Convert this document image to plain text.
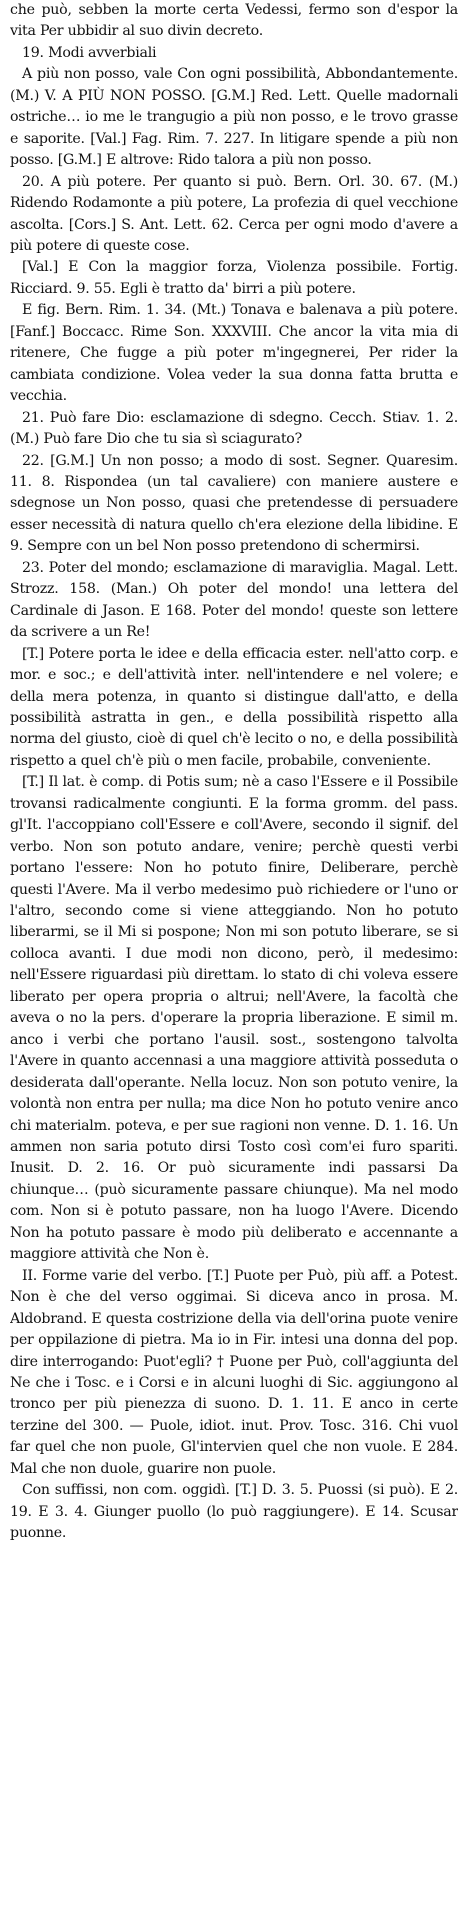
che può, sebben la morte certa Vedessi, fermo son d'espor la vita Per ubbidir al suo divin decreto.

19. Modi avverbiali

A più non posso, vale Con ogni possibilità, Abbondantemente. (M.) V. A PIÙ NON POSSO. [G.M.] Red. Lett. Quelle madornali ostriche… io me le trangugio a più non posso, e le trovo grasse e saporite. [Val.] Fag. Rim. 7. 227. In litigare spende a più non posso. [G.M.] E altrove: Rido talora a più non posso.

20. A più potere. Per quanto si può. Bern. Orl. 30. 67. (M.) Ridendo Rodamonte a più potere, La profezia di quel vecchione ascolta. [Cors.] S. Ant. Lett. 62. Cerca per ogni modo d'avere a più potere di queste cose.

[Val.] E Con la maggior forza, Violenza possibile. Fortig. Ricciard. 9. 55. Egli è tratto da' birri a più potere.

E fig. Bern. Rim. 1. 34. (Mt.) Tonava e balenava a più potere. [Fanf.] Boccacc. Rime Son. XXXVIII. Che ancor la vita mia di ritenere, Che fugge a più poter m'ingegnerei, Per rider la cambiata condizione. Volea veder la sua donna fatta brutta e vecchia.

21. Può fare Dio: esclamazione di sdegno. Cecch. Stiav. 1. 2. (M.) Può fare Dio che tu sia sì sciagurato?

22. [G.M.] Un non posso; a modo di sost. Segner. Quaresim. 11. 8. Rispondea (un tal cavaliere) con maniere austere e sdegnose un Non posso, quasi che pretendesse di persuadere esser necessità di natura quello ch'era elezione della libidine. E 9. Sempre con un bel Non posso pretendono di schermirsi.

23. Poter del mondo; esclamazione di maraviglia. Magal. Lett. Strozz. 158. (Man.) Oh poter del mondo! una lettera del Cardinale di Jason. E 168. Poter del mondo! queste son lettere da scrivere a un Re!

[T.] Potere porta le idee e della efficacia ester. nell'atto corp. e mor. e soc.; e dell'attività inter. nell'intendere e nel volere; e della mera potenza, in quanto si distingue dall'atto, e della possibilità astratta in gen., e della possibilità rispetto alla norma del giusto, cioè di quel ch'è lecito o no, e della possibilità rispetto a quel ch'è più o men facile, probabile, conveniente.

[T.] Il lat. è comp. di Potis sum; nè a caso l'Essere e il Possibile trovansi radicalmente congiunti. E la forma gromm. del pass. gl'It. l'accoppiano coll'Essere e coll'Avere, secondo il signif. del verbo. Non son potuto andare, venire; perchè questi verbi portano l'essere: Non ho potuto finire, Deliberare, perchè questi l'Avere. Ma il verbo medesimo può richiedere or l'uno or l'altro, secondo come si viene atteggiando. Non ho potuto liberarmi, se il Mi si pospone; Non mi son potuto liberare, se si colloca avanti. I due modi non dicono, però, il medesimo: nell'Essere riguardasi più direttam. lo stato di chi voleva essere liberato per opera propria o altrui; nell'Avere, la facoltà che aveva o no la pers. d'operare la propria liberazione. E simil m. anco i verbi che portano l'ausil. sost., sostengono talvolta l'Avere in quanto accennasi a una maggiore attività posseduta o desiderata dall'operante. Nella locuz. Non son potuto venire, la volontà non entra per nulla; ma dice Non ho potuto venire anco chi materialm. poteva, e per sue ragioni non venne. D. 1. 16. Un ammen non saria potuto dirsi Tosto così com'ei furo spariti. Inusit. D. 2. 16. Or può sicuramente indi passarsi Da chiunque… (può sicuramente passare chiunque). Ma nel modo com. Non si è potuto passare, non ha luogo l'Avere. Dicendo Non ha potuto passare è modo più deliberato e accennante a maggiore attività che Non è.

II. Forme varie del verbo. [T.] Puote per Può, più aff. a Potest. Non è che del verso oggimai. Si diceva anco in prosa. M. Aldobrand. E questa costrizione della via dell'orina puote venire per oppilazione di pietra. Ma io in Fir. intesi una donna del pop. dire interrogando: Puot'egli? † Puone per Può, coll'aggiunta del Ne che i Tosc. e i Corsi e in alcuni luoghi di Sic. aggiungono al tronco per più pienezza di suono. D. 1. 11. E anco in certe terzine del 300. — Puole, idiot. inut. Prov. Tosc. 316. Chi vuol far quel che non puole, Gl'intervien quel che non vuole. E 284. Mal che non duole, guarire non puole.

Con suffissi, non com. oggidì. [T.] D. 3. 5. Puossi (si può). E 2. 19. E 3. 4. Giunger puollo (lo può raggiungere). E 14. Scusar puonne.
